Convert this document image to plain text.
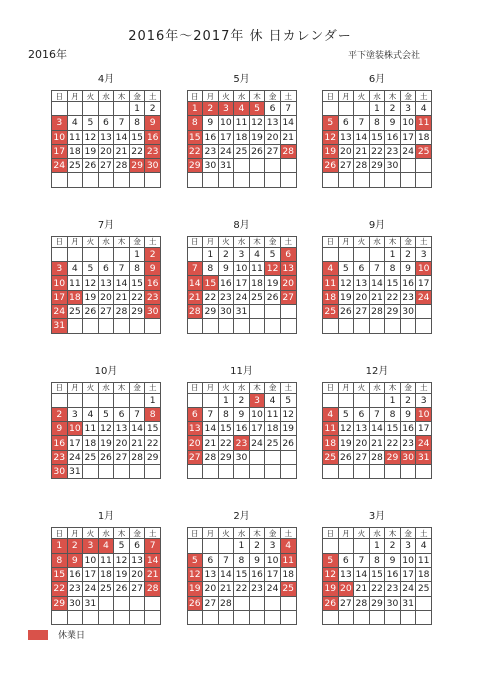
2016年〜2017年 休 日カレンダー
2016年	平下塗装株式会社
4月
日	月	火	水	木	金	土
					1	2
3	4	5	6	7	8	9
10	11	12	13	14	15	16
17	18	19	20	21	22	23
24	25	26	27	28	29	30

5月
日	月	火	水	木	金	土
1	2	3	4	5	6	7
8	9	10	11	12	13	14
15	16	17	18	19	20	21
22	23	24	25	26	27	28
29	30	31				

6月
日	月	火	水	木	金	土
			1	2	3	4
5	6	7	8	9	10	11
12	13	14	15	16	17	18
19	20	21	22	23	24	25
26	27	28	29	30		

7月
日	月	火	水	木	金	土
					1	2
3	4	5	6	7	8	9
10	11	12	13	14	15	16
17	18	19	20	21	22	23
24	25	26	27	28	29	30
31						
8月
日	月	火	水	木	金	土
	1	2	3	4	5	6
7	8	9	10	11	12	13
14	15	16	17	18	19	20
21	22	23	24	25	26	27
28	29	30	31			

9月
日	月	火	水	木	金	土
				1	2	3
4	5	6	7	8	9	10
11	12	13	14	15	16	17
18	19	20	21	22	23	24
25	26	27	28	29	30	

10月
日	月	火	水	木	金	土
						1
2	3	4	5	6	7	8
9	10	11	12	13	14	15
16	17	18	19	20	21	22
23	24	25	26	27	28	29
30	31					
11月
日	月	火	水	木	金	土
		1	2	3	4	5
6	7	8	9	10	11	12
13	14	15	16	17	18	19
20	21	22	23	24	25	26
27	28	29	30			

12月
日	月	火	水	木	金	土
				1	2	3
4	5	6	7	8	9	10
11	12	13	14	15	16	17
18	19	20	21	22	23	24
25	26	27	28	29	30	31

1月
日	月	火	水	木	金	土
1	2	3	4	5	6	7
8	9	10	11	12	13	14
15	16	17	18	19	20	21
22	23	24	25	26	27	28
29	30	31				

2月
日	月	火	水	木	金	土
			1	2	3	4
5	6	7	8	9	10	11
12	13	14	15	16	17	18
19	20	21	22	23	24	25
26	27	28				

3月
日	月	火	水	木	金	土
			1	2	3	4
5	6	7	8	9	10	11
12	13	14	15	16	17	18
19	20	21	22	23	24	25
26	27	28	29	30	31	

休業日
